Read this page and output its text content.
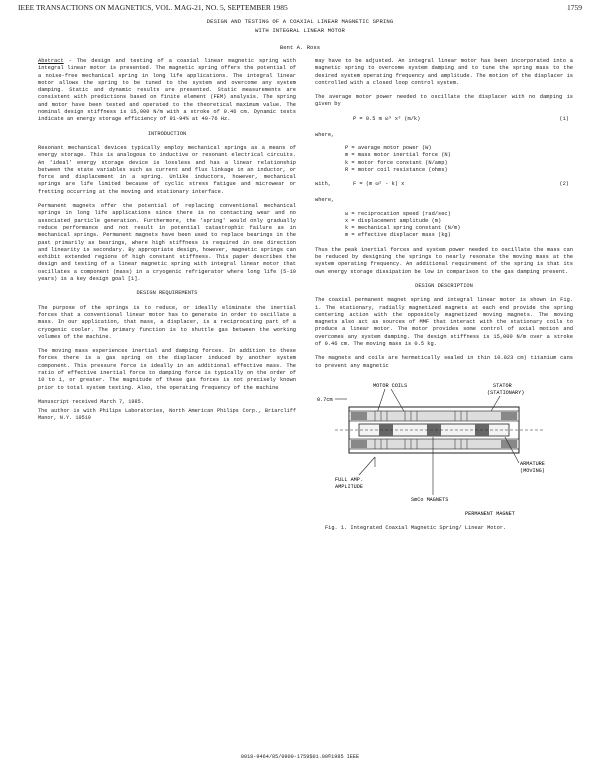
IEEE TRANSACTIONS ON MAGNETICS, VOL. MAG-21, NO. 5, SEPTEMBER 1985	1759
DESIGN AND TESTING OF A COAXIAL LINEAR MAGNETIC SPRING
WITH INTEGRAL LINEAR MOTOR
Bent A. Ross

Abstract - The design and testing of a coaxial linear magnetic spring with integral linear motor is presented. The magnetic spring offers the potential of a noise-free mechanical spring in long life applications. The integral linear motor allows the spring to be tuned to the system and overcome any system damping. Static and dynamic results are presented. Static measurements are consistent with predictions based on finite element (FEM) analysis. The spring and motor have been tested and operated to the theoretical maximum value. The nominal design stiffness is 15,000 N/m with a stroke of 0.46 cm. Dynamic tests indicate an energy storage efficiency of 91-94% at 40-76 Hz.

INTRODUCTION

Resonant mechanical devices typically employ mechanical springs as a means of energy storage. This is analogous to inductive or resonant electrical circuits. An 'ideal' energy storage device is lossless and has a linear relationship between the state variables such as current and flux linkage in an inductor, or force and displacement in a spring. Unlike inductors, however, mechanical springs are life limited because of cyclic stress fatigue and microwear or fretting occurring at the moving and stationary interface.

Permanent magnets offer the potential of replacing conventional mechanical springs in long life applications since there is no contacting wear and no associated particle generation. Furthermore, the 'spring' would only gradually reduce performance and not result in potential catastrophic failure as in mechanical springs. Permanent magnets have been used to replace bearings in the past primarily as bearings, where high stiffness is required in one direction and linearity is secondary. By appropriate design, however, magnetic springs can exhibit extended regions of high constant stiffness. This paper describes the design and testing of a linear magnetic spring with integral linear motor that oscillates a component (mass) in a cryogenic refrigerator where long life (5-10 years) is a key design goal [1].

DESIGN REQUIREMENTS

The purpose of the springs is to reduce, or ideally eliminate the inertial forces that a conventional linear motor has to generate in order to oscillate a mass. In our application, that mass, a displacer, is a reciprocating part of a cryogenic cooler. The primary function is to shuttle gas between the working volumes of the machine.

The moving mass experiences inertial and damping forces. In addition to these forces there is a gas spring on the displacer induced by another system component. This pressure force is ideally in an additional effective mass. The ratio of effective inertial force to damping force is typically on the order of 10 to 1, or greater. The magnitude of these gas forces is not precisely known prior to total system testing. Also, the operating frequency of the machine

Manuscript received March 7, 1985.

The author is with Philips Laboratories, North American Philips Corp., Briarcliff Manor, N.Y. 10510

may have to be adjusted. An integral linear motor has been incorporated into a magnetic spring to overcome system damping and to tune the spring mass to the desired system operating frequency and amplitude. The motion of the displacer is controlled with a closed loop control system.

The average motor power needed to oscillate the displacer with no damping is given by

P = 0.5 m ω³ x² (m/k)	(1)
where,
P = average motor power (W)
m = mass motor inertial force (N)
k = motor force constant (N/amp)
R = motor coil resistance (ohms)
with,	F = (m ω² - k) x	(2)
where,
ω = reciprocation speed (rad/sec)
x = displacement amplitude (m)
k = mechanical spring constant (N/m)
m = effective displacer mass (kg)

Thus the peak inertial forces and system power needed to oscillate the mass can be reduced by designing the springs to nearly resonate the moving mass at the system operating frequency. An additional requirement of the spring is that its own energy storage dissipation be low in comparison to the gas damping present.

DESIGN DESCRIPTION

The coaxial permanent magnet spring and integral linear motor is shown in Fig. 1. The stationary, radially magnetized magnets at each end provide the spring centering action with the oppositely magnetized moving magnets. The moving magnets also act as sources of MMF that interact with the stationary coils to produce a linear motor. The motor provides some control of axial motion and overcomes any system damping. The design stiffness is 15,000 N/m over a stroke of 0.46 cm. The moving mass is 0.5 kg.

The magnets and coils are hermetically sealed in thin 10.023 cm) titanium cans to prevent any magnetic

MOTOR COILS	STATOR
(STATIONARY)
0.7cm
ARMATURE
(MOVING)
FULL AMP.
AMPLITUDE
SmCo MAGNETS
PERMANENT MAGNET
Fig. 1. Integrated Coaxial Magnetic Spring/ Linear Motor.
0018-9464/85/0900-1759$01.00©1985 IEEE
